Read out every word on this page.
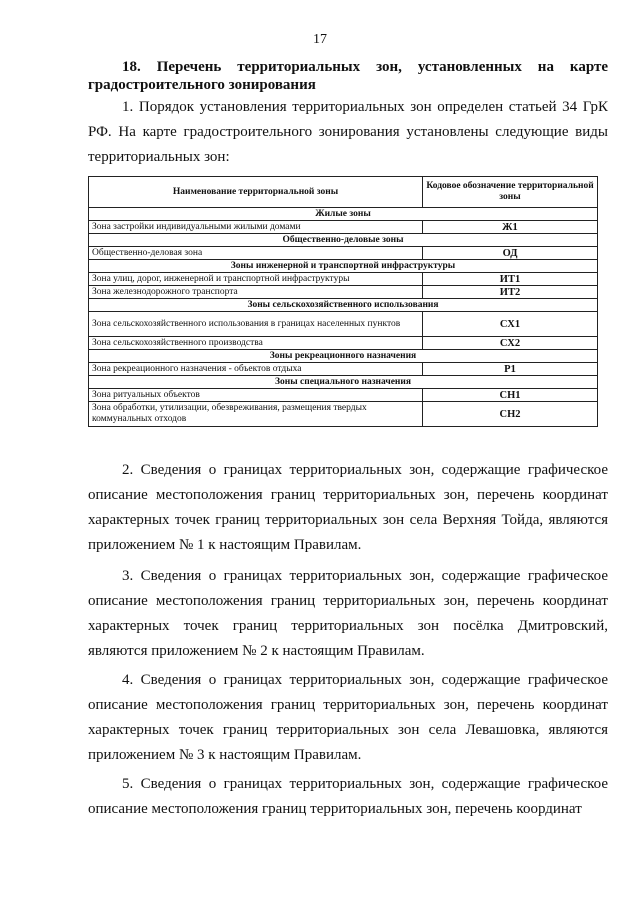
17
18. Перечень территориальных зон, установленных на карте градостроительного зонирования
1. Порядок установления территориальных зон определен статьей 34 ГрК РФ. На карте градостроительного зонирования установлены следующие виды территориальных зон:
Наименование территориальной зоны	Кодовое обозначение территориальной зоны
Жилые зоны	
Зона застройки индивидуальными жилыми домами	Ж1
Общественно-деловые зоны	
Общественно-деловая зона	ОД
Зоны инженерной и транспортной инфраструктуры	
Зона улиц, дорог, инженерной и транспортной инфраструктуры	ИТ1
Зона железнодорожного транспорта	ИТ2
Зоны сельскохозяйственного использования	
Зона сельскохозяйственного использования в границах населенных пунктов	СХ1
Зона сельскохозяйственного производства	СХ2
Зоны рекреационного назначения	
Зона рекреационного назначения - объектов отдыха	Р1
Зоны специального назначения	
Зона ритуальных объектов	СН1
Зона обработки, утилизации, обезвреживания, размещения твердых коммунальных отходов	СН2
2. Сведения о границах территориальных зон, содержащие графическое описание местоположения границ территориальных зон, перечень координат характерных точек границ территориальных зон села Верхняя Тойда, являются приложением № 1 к настоящим Правилам.
3. Сведения о границах территориальных зон, содержащие графическое описание местоположения границ территориальных зон, перечень координат характерных точек границ территориальных зон посёлка Дмитровский, являются приложением № 2 к настоящим Правилам.
4. Сведения о границах территориальных зон, содержащие графическое описание местоположения границ территориальных зон, перечень координат характерных точек границ территориальных зон села Левашовка, являются приложением № 3 к настоящим Правилам.
5. Сведения о границах территориальных зон, содержащие графическое описание местоположения границ территориальных зон, перечень координат
